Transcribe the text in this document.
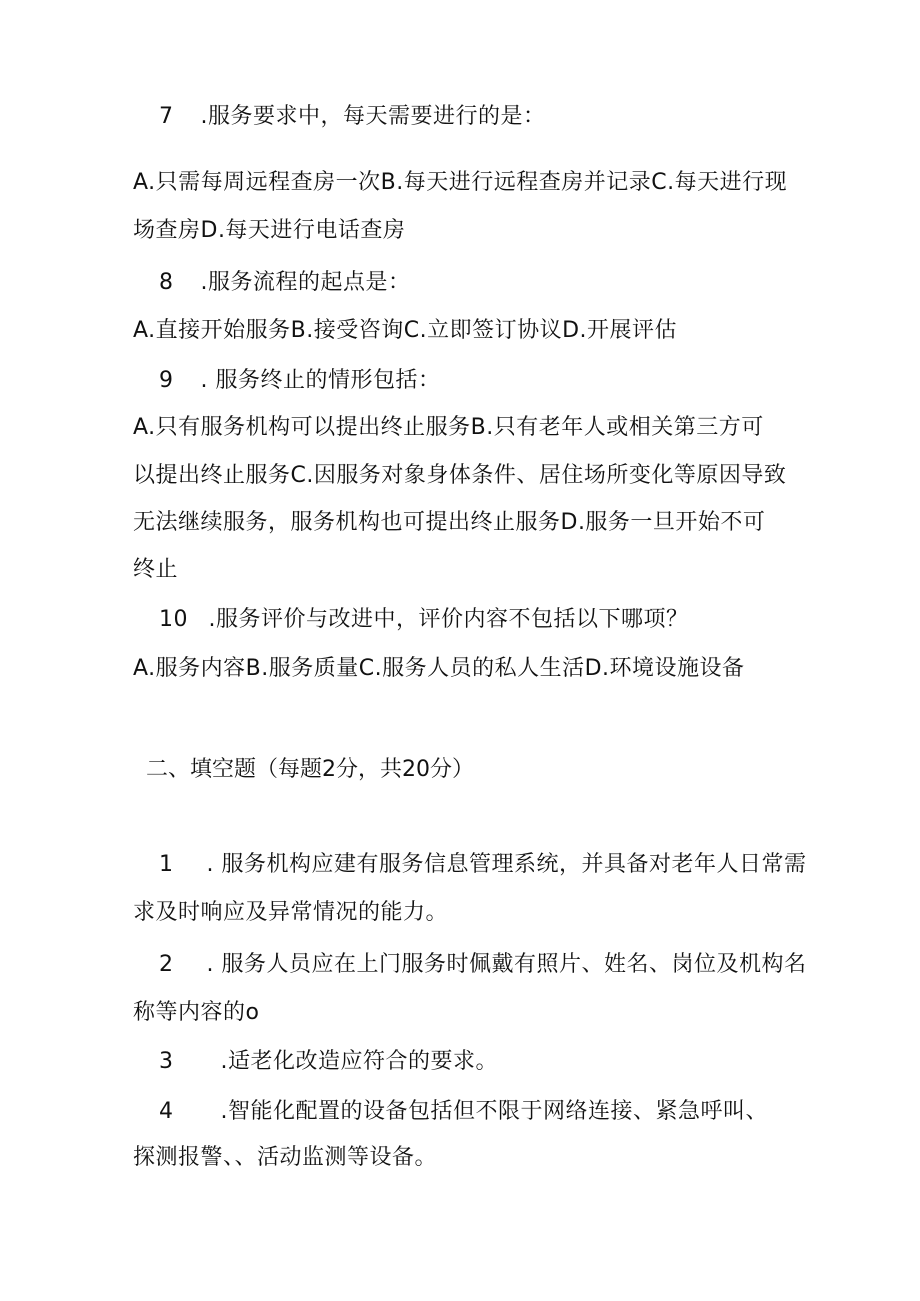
7 .服务要求中，每天需要进行的是：
A.只需每周远程查房一次B.每天进行远程查房并记录C.每天进行现
场查房D.每天进行电话查房
8 .服务流程的起点是：
A.直接开始服务B.接受咨询C.立即签订协议D.开展评估
9 . 服务终止的情形包括：
A.只有服务机构可以提出终止服务B.只有老年人或相关第三方可
以提出终止服务C.因服务对象身体条件、居住场所变化等原因导致
无法继续服务，服务机构也可提出终止服务D.服务一旦开始不可
终止
10 .服务评价与改进中，评价内容不包括以下哪项？
A.服务内容B.服务质量C.服务人员的私人生活D.环境设施设备
二、填空题（每题2分，共20分）
1 . 服务机构应建有服务信息管理系统，并具备对老年人日常需
求及时响应及异常情况的能力。
2 . 服务人员应在上门服务时佩戴有照片、姓名、岗位及机构名
称等内容的o
3 .适老化改造应符合的要求。
4 .智能化配置的设备包括但不限于网络连接、紧急呼叫、
探测报警、、活动监测等设备。
